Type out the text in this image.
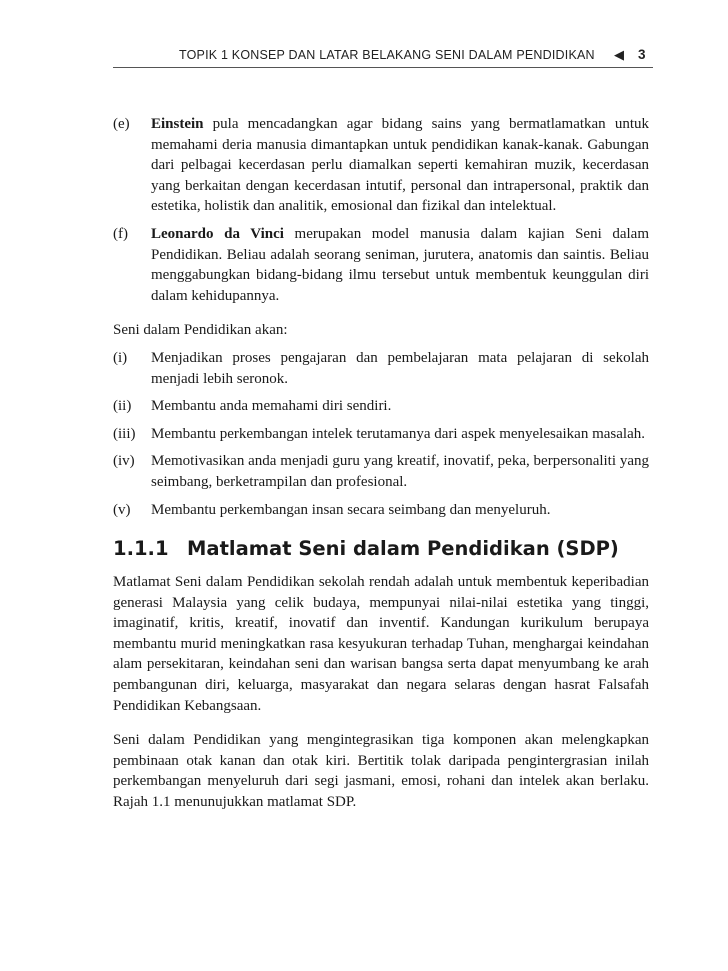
TOPIK 1 KONSEP DAN LATAR BELAKANG SENI DALAM PENDIDIKAN ◀ 3
(e)	Einstein pula mencadangkan agar bidang sains yang bermatlamatkan untuk memahami deria manusia dimantapkan untuk pendidikan kanak-kanak. Gabungan dari pelbagai kecerdasan perlu diamalkan seperti kemahiran muzik, kecerdasan yang berkaitan dengan kecerdasan intutif, personal dan intrapersonal, praktik dan estetika, holistik dan analitik, emosional dan fizikal dan intelektual.
(f)	Leonardo da Vinci merupakan model manusia dalam kajian Seni dalam Pendidikan. Beliau adalah seorang seniman, jurutera, anatomis dan saintis. Beliau menggabungkan bidang-bidang ilmu tersebut untuk membentuk keunggulan diri dalam kehidupannya.

Seni dalam Pendidikan akan:

(i)	Menjadikan proses pengajaran dan pembelajaran mata pelajaran di sekolah menjadi lebih seronok.
(ii)	Membantu anda memahami diri sendiri.
(iii)	Membantu perkembangan intelek terutamanya dari aspek menyelesaikan masalah.
(iv)	Memotivasikan anda menjadi guru yang kreatif, inovatif, peka, berpersonaliti yang seimbang, berketrampilan dan profesional.
(v)	Membantu perkembangan insan secara seimbang dan menyeluruh.
1.1.1 Matlamat Seni dalam Pendidikan (SDP)

Matlamat Seni dalam Pendidikan sekolah rendah adalah untuk membentuk keperibadian generasi Malaysia yang celik budaya, mempunyai nilai-nilai estetika yang tinggi, imaginatif, kritis, kreatif, inovatif dan inventif. Kandungan kurikulum berupaya membantu murid meningkatkan rasa kesyukuran terhadap Tuhan, menghargai keindahan alam persekitaran, keindahan seni dan warisan bangsa serta dapat menyumbang ke arah pembangunan diri, keluarga, masyarakat dan negara selaras dengan hasrat Falsafah Pendidikan Kebangsaan.

Seni dalam Pendidikan yang mengintegrasikan tiga komponen akan melengkapkan pembinaan otak kanan dan otak kiri. Bertitik tolak daripada pengintergrasian inilah perkembangan menyeluruh dari segi jasmani, emosi, rohani dan intelek akan berlaku. Rajah 1.1 menunujukkan matlamat SDP.
